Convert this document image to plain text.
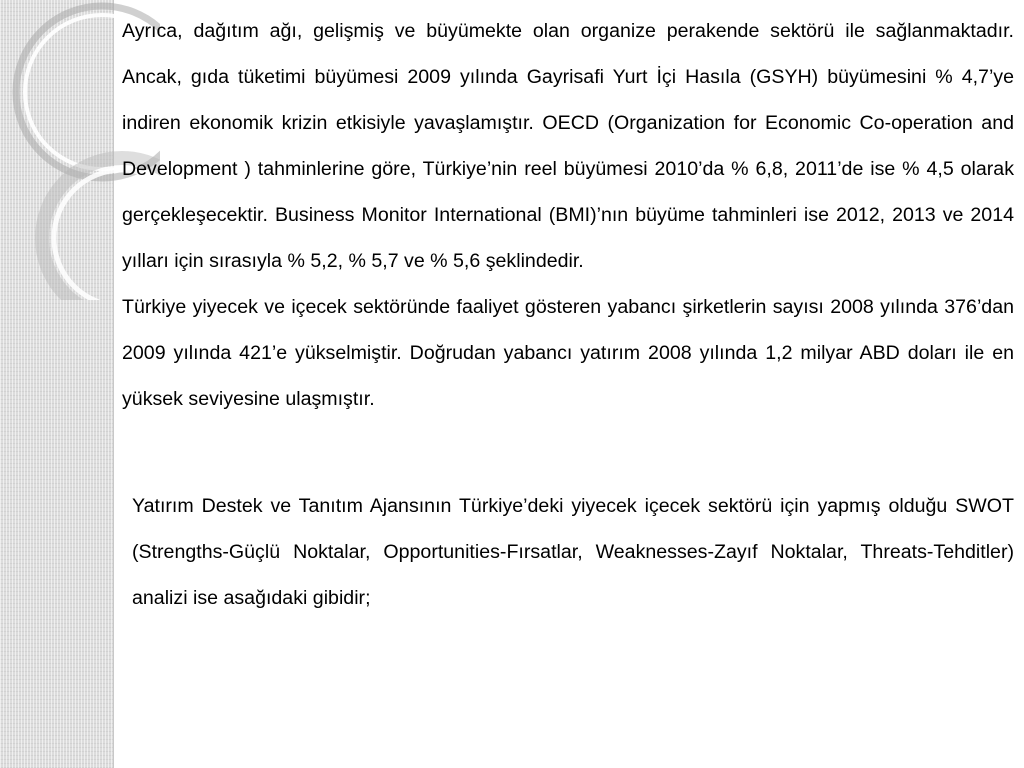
Ayrıca, dağıtım ağı, gelişmiş ve büyümekte olan organize perakende sektörü ile sağlanmaktadır. Ancak, gıda tüketimi büyümesi 2009 yılında Gayrisafi Yurt İçi Hasıla (GSYH) büyümesini % 4,7’ye indiren ekonomik krizin etkisiyle yavaşlamıştır. OECD (Organization for Economic Co-operation and Development ) tahminlerine göre, Türkiye’nin reel büyümesi 2010’da % 6,8, 2011’de ise % 4,5 olarak gerçekleşecektir. Business Monitor International (BMI)’nın büyüme tahminleri ise 2012, 2013 ve 2014 yılları için sırasıyla % 5,2, % 5,7 ve % 5,6 şeklindedir.

Türkiye yiyecek ve içecek sektöründe faaliyet gösteren yabancı şirketlerin sayısı 2008 yılında 376’dan 2009 yılında 421’e yükselmiştir. Doğrudan yabancı yatırım 2008 yılında 1,2 milyar ABD doları ile en yüksek seviyesine ulaşmıştır.

Yatırım Destek ve Tanıtım Ajansının Türkiye’deki yiyecek içecek sektörü için yapmış olduğu SWOT (Strengths-Güçlü Noktalar, Opportunities-Fırsatlar, Weaknesses-Zayıf Noktalar, Threats-Tehditler) analizi ise asağıdaki gibidir;
